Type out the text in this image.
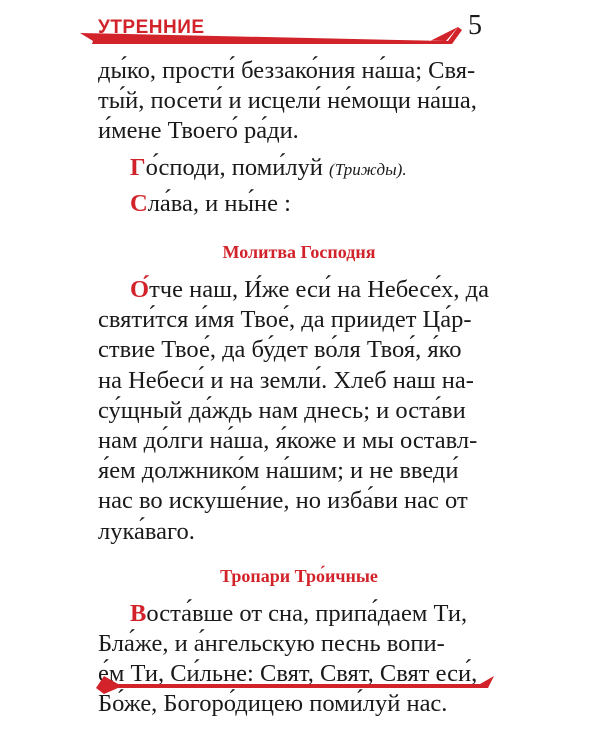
УТРЕННИЕ	5

ды́ко, прости́ беззако́ния на́ша; Свя-
ты́й, посети́ и исцели́ не́мощи на́ша,
и́мене Твоего́ ра́ди.

Го́споди, поми́луй (Трижды).

Сла́ва, и ны́не :

Молитва Господня

О́тче наш, И́же еси́ на Небесе́х, да
святи́тся и́мя Твое́, да приидет Ца́р-
ствие Твое́, да бу́дет во́ля Твоя́, я́ко
на Небеси́ и на земли́. Хлеб наш на-
су́щный да́ждь нам днесь; и оста́ви
нам до́лги на́ша, я́коже и мы оставл-
я́ем должнико́м на́шим; и не введи́
нас во искуше́ние, но изба́ви нас от
лука́ваго.

Тропари Тро́ичные

Воста́вше от сна, припа́даем Ти,
Бла́же, и а́нгельскую песнь вопи-
е́м Ти, Си́льне: Свят, Свят, Свят еси́,
Бо́же, Богоро́дицею поми́луй нас.
